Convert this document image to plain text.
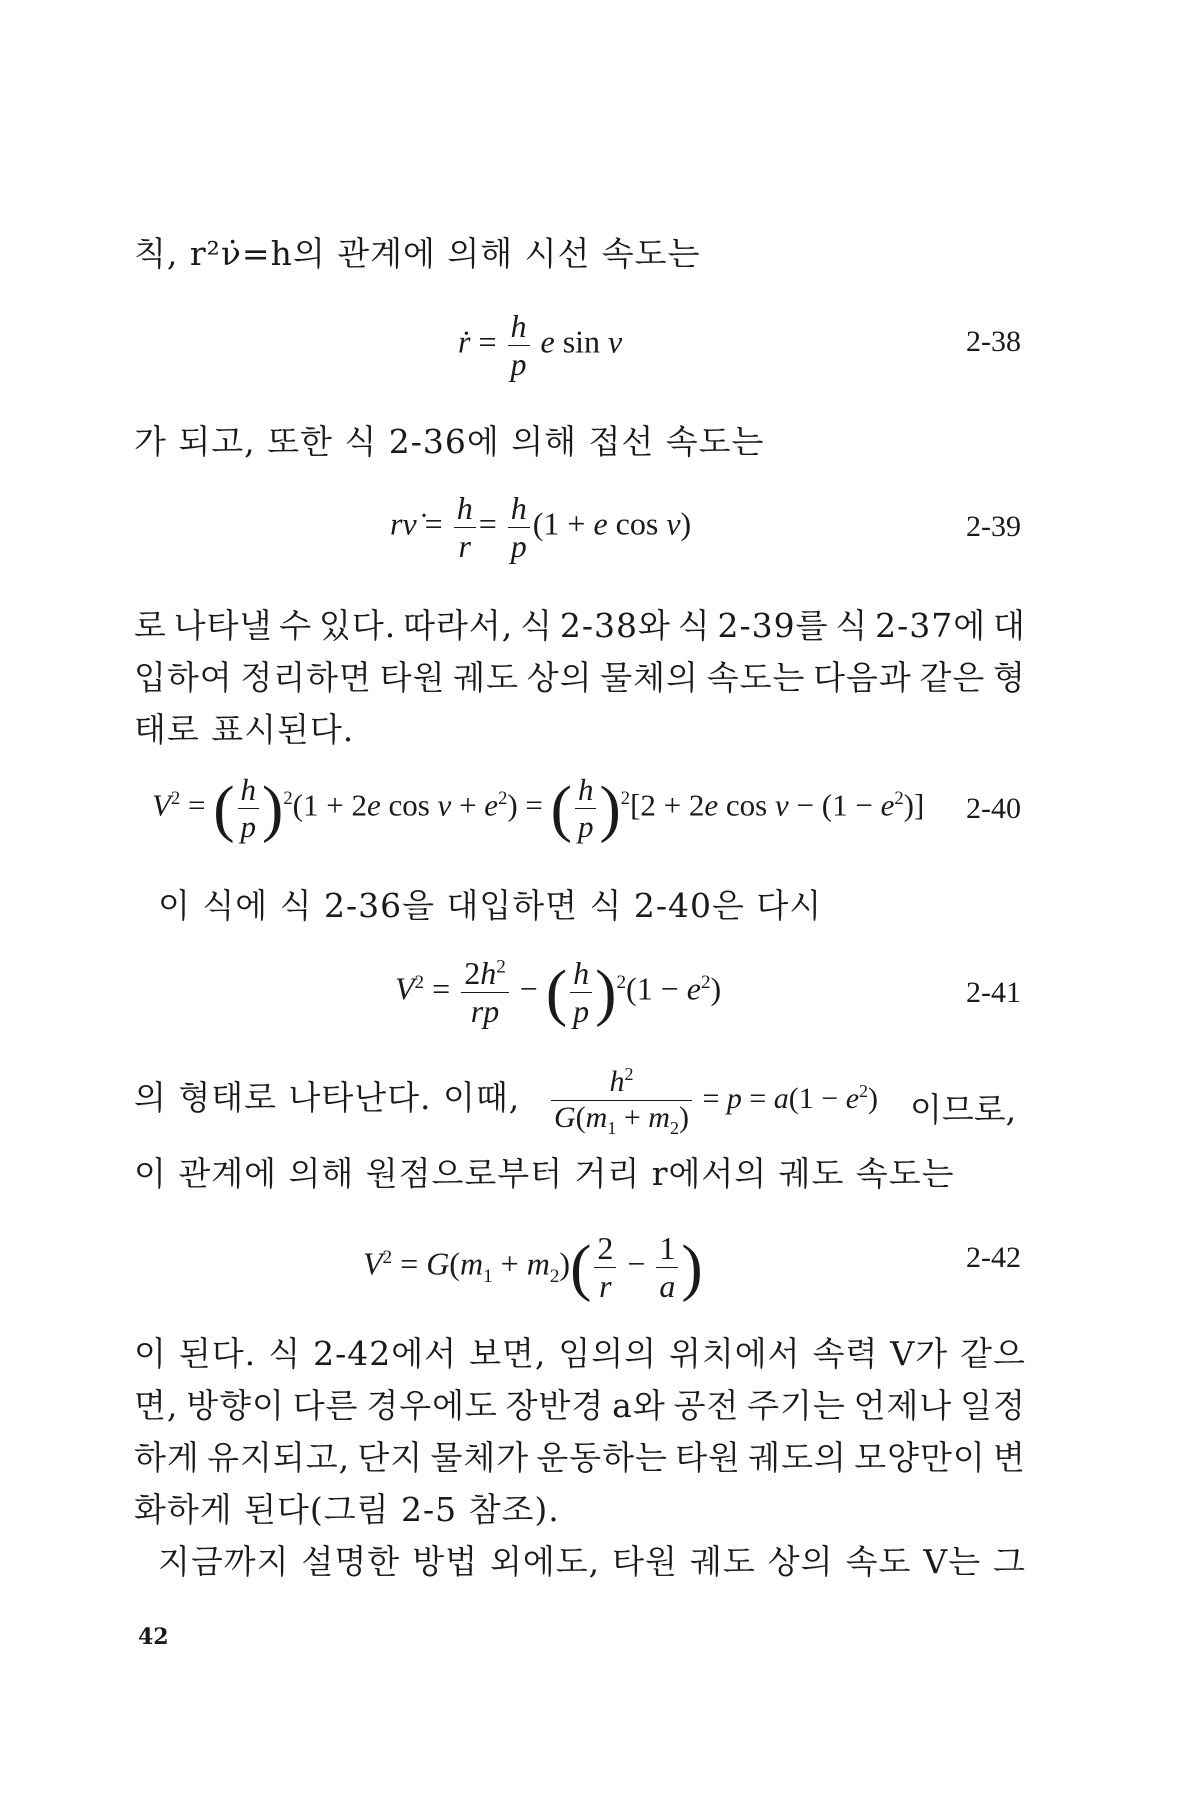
칙, r²ν̇=h의 관계에 의해 시선 속도는
ṙ = $\frac{h}{p}$ e sin ν	2-38
가 되고, 또한 식 2-36에 의해 접선 속도는
rν̇ = $\frac{h}{r} = \frac{h}{p} (1 + e$ cos ν)	2-39
로 나타낼 수 있다. 따라서, 식 2-38와 식 2-39를 식 2-37에 대
입하여 정리하면 타원 궤도 상의 물체의 속도는 다음과 같은 형
태로 표시된다.
$V^2$ = ( $\frac{h}{p} )^2(1 + 2e$ $\cos \nu + e^2$) = ( $\frac{h}{p} )^2[2 + 2e$ $\cos \nu - (1 - e^2)$] 2-40
이 식에 식 2-36을 대입하면 식 2-40은 다시
$V^2 = \frac{2h^2}{rp}$ − ( $\frac{h}{p} )^2(1 - e^2)$	2-41
의 형태로 나타난다. 이때, $\frac{h^2}{G(m_1 + m_2)} = p = a(1 - e^2)$ 이므로,
이 관계에 의해 원점으로부터 거리 r에서의 궤도 속도는
$V^2 = G(m_1 + m_2)( \frac{2}{r} - \frac{1}{a}$ )	2-42
이 된다. 식 2-42에서 보면, 임의의 위치에서 속력 V가 같으
면, 방향이 다른 경우에도 장반경 a와 공전 주기는 언제나 일정
하게 유지되고, 단지 물체가 운동하는 타원 궤도의 모양만이 변
화하게 된다(그림 2-5 참조).
지금까지 설명한 방법 외에도, 타원 궤도 상의 속도 V는 그
42
